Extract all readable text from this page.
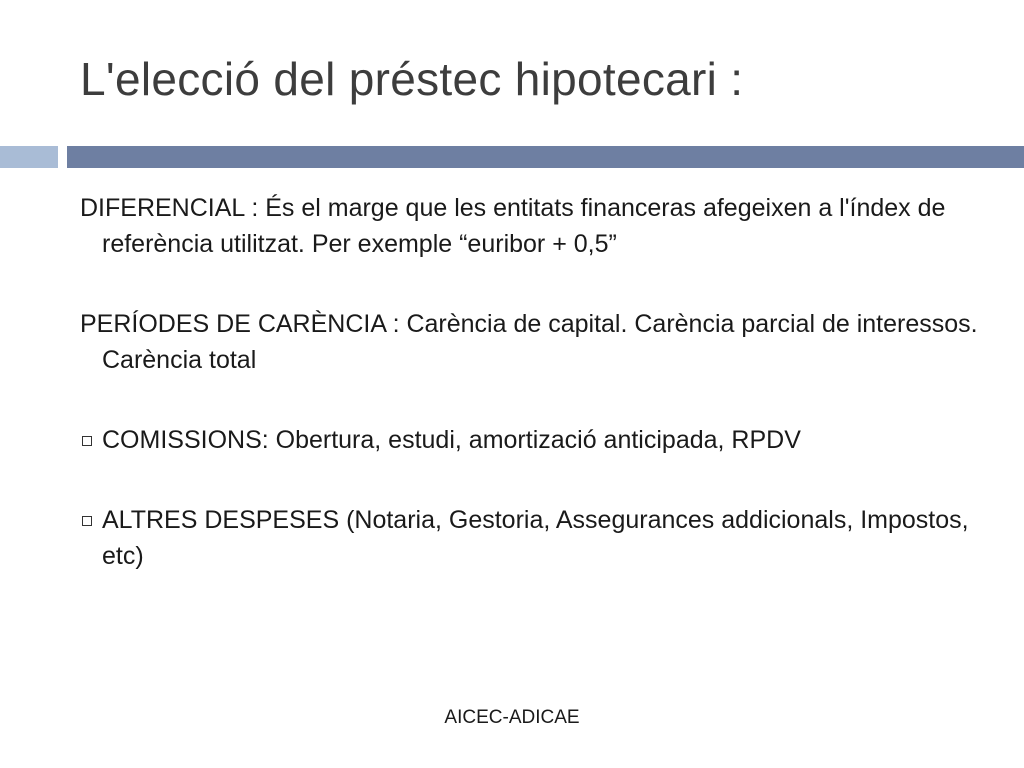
L'elecció del préstec hipotecari :

DIFERENCIAL : És el marge que les entitats financeras afegeixen a l'índex de referència utilitzat. Per exemple “euribor + 0,5”

PERÍODES DE CARÈNCIA : Carència de capital. Carència parcial de interessos. Carència total

COMISSIONS: Obertura, estudi, amortizació anticipada, RPDV
ALTRES DESPESES (Notaria, Gestoria, Assegurances addicionals, Impostos, etc)
AICEC-ADICAE
